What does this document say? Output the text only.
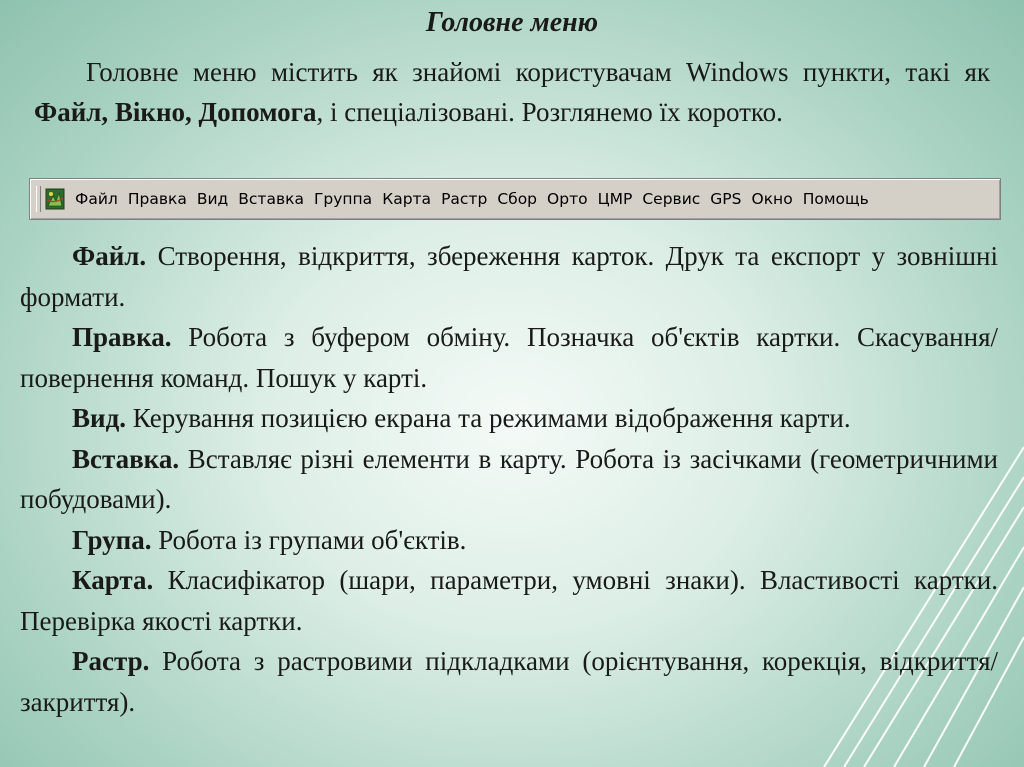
Головне меню

Головне меню містить як знайомі користувачам Windows пункти, такі як Файл, Вікно, Допомога, і спеціалізовані. Розглянемо їх коротко.

Файл Правка Вид Вставка Группа Карта Растр Сбор Орто ЦМР Сервис GPS Окно Помощь

Файл. Створення, відкриття, збереження карток. Друк та експорт у зовнішні формати.

Правка. Робота з буфером обміну. Позначка об'єктів картки. Скасування/повернення команд. Пошук у карті.

Вид. Керування позицією екрана та режимами відображення карти.

Вставка. Вставляє різні елементи в карту. Робота із засічками (геометричними побудовами).

Група. Робота із групами об'єктів.

Карта. Класифікатор (шари, параметри, умовні знаки). Властивості картки. Перевірка якості картки.

Растр. Робота з растровими підкладками (орієнтування, корекція, відкриття/закриття).
